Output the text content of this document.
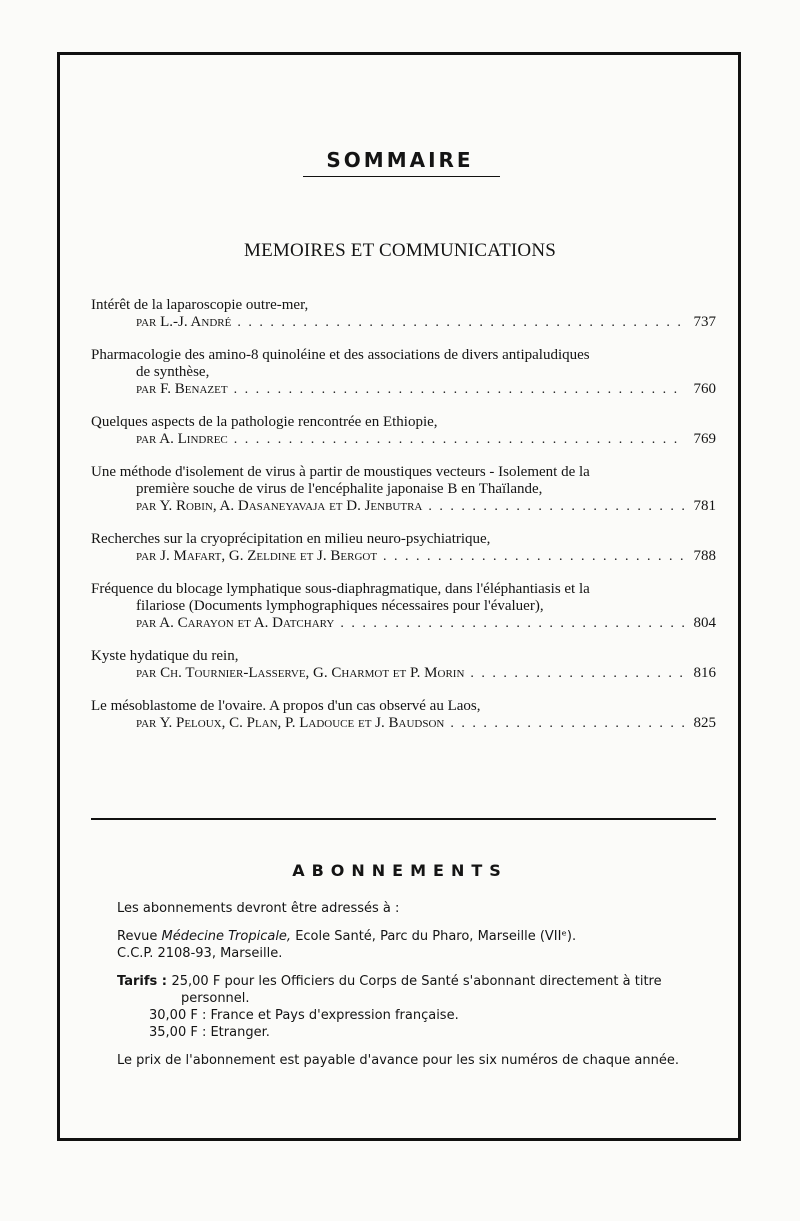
SOMMAIRE
MEMOIRES ET COMMUNICATIONS
Intérêt de la laparoscopie outre-mer,
par L.-J. André . . .	737
Pharmacologie des amino-8 quinoléine et des associations de divers antipaludiques
de synthèse,
par F. Benazet . . .	760
Quelques aspects de la pathologie rencontrée en Ethiopie,
par A. Lindrec . . .	769
Une méthode d'isolement de virus à partir de moustiques vecteurs - Isolement de la
première souche de virus de l'encéphalite japonaise B en Thaïlande,
par Y. Robin, A. Dasaneyavaja et D. Jenbutra . . .	781
Recherches sur la cryoprécipitation en milieu neuro-psychiatrique,
par J. Mafart, G. Zeldine et J. Bergot . . .	788
Fréquence du blocage lymphatique sous-diaphragmatique, dans l'éléphantiasis et la
filariose (Documents lymphographiques nécessaires pour l'évaluer),
par A. Carayon et A. Datchary . . .	804
Kyste hydatique du rein,
par Ch. Tournier-Lasserve, G. Charmot et P. Morin . . .	816
Le mésoblastome de l'ovaire. A propos d'un cas observé au Laos,
par Y. Peloux, C. Plan, P. Ladouce et J. Baudson . . .	825
ABONNEMENTS

Les abonnements devront être adressés à :

Revue Médecine Tropicale, Ecole Santé, Parc du Pharo, Marseille (VIIᵉ).
C.C.P. 2108-93, Marseille.

Tarifs : 25,00 F pour les Officiers du Corps de Santé s'abonnant directement à titre

personnel.
30,00 F : France et Pays d'expression française.
35,00 F : Etranger.

Le prix de l'abonnement est payable d'avance pour les six numéros de chaque année.
